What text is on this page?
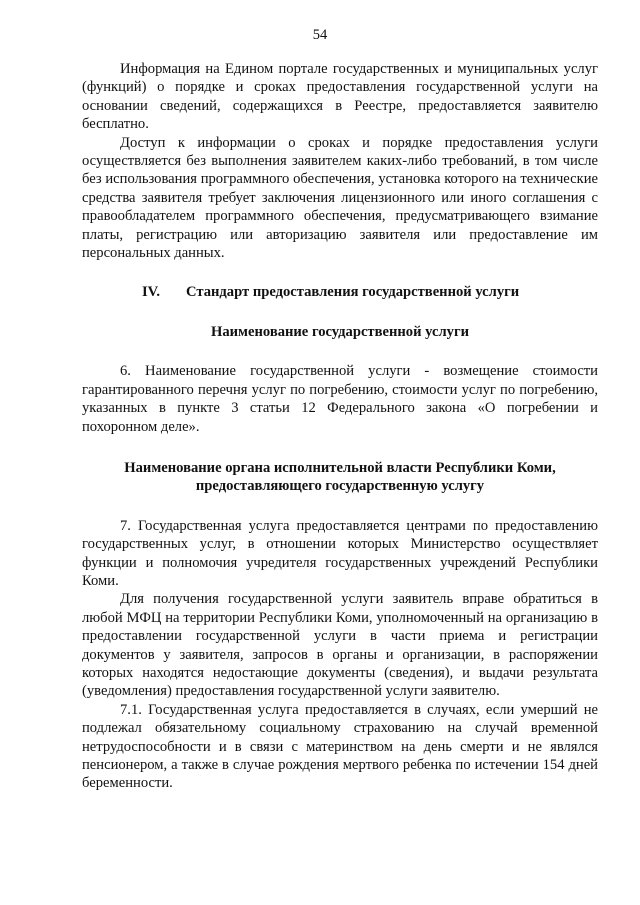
54

Информация на Едином портале государственных и муниципальных услуг (функций) о порядке и сроках предоставления государственной услуги на основании сведений, содержащихся в Реестре, предоставляется заявителю бесплатно.

Доступ к информации о сроках и порядке предоставления услуги осуществляется без выполнения заявителем каких-либо требований, в том числе без использования программного обеспечения, установка которого на технические средства заявителя требует заключения лицензионного или иного соглашения с правообладателем программного обеспечения, предусматривающего взимание платы, регистрацию или авторизацию заявителя или предоставление им персональных данных.

IV.	Стандарт предоставления государственной услуги

Наименование государственной услуги

6. Наименование государственной услуги - возмещение стоимости гарантированного перечня услуг по погребению, стоимости услуг по погребению, указанных в пункте 3 статьи 12 Федерального закона «О погребении и похоронном деле».

Наименование органа исполнительной власти Республики Коми,

предоставляющего государственную услугу

7. Государственная услуга предоставляется центрами по предоставлению государственных услуг, в отношении которых Министерство осуществляет функции и полномочия учредителя государственных учреждений Республики Коми.

Для получения государственной услуги заявитель вправе обратиться в любой МФЦ на территории Республики Коми, уполномоченный на организацию в предоставлении государственной услуги в части приема и регистрации документов у заявителя, запросов в органы и организации, в распоряжении которых находятся недостающие документы (сведения), и выдачи результата (уведомления) предоставления государственной услуги заявителю.

7.1. Государственная услуга предоставляется в случаях, если умерший не подлежал обязательному социальному страхованию на случай временной нетрудоспособности и в связи с материнством на день смерти и не являлся пенсионером, а также в случае рождения мертвого ребенка по истечении 154 дней беременности.
